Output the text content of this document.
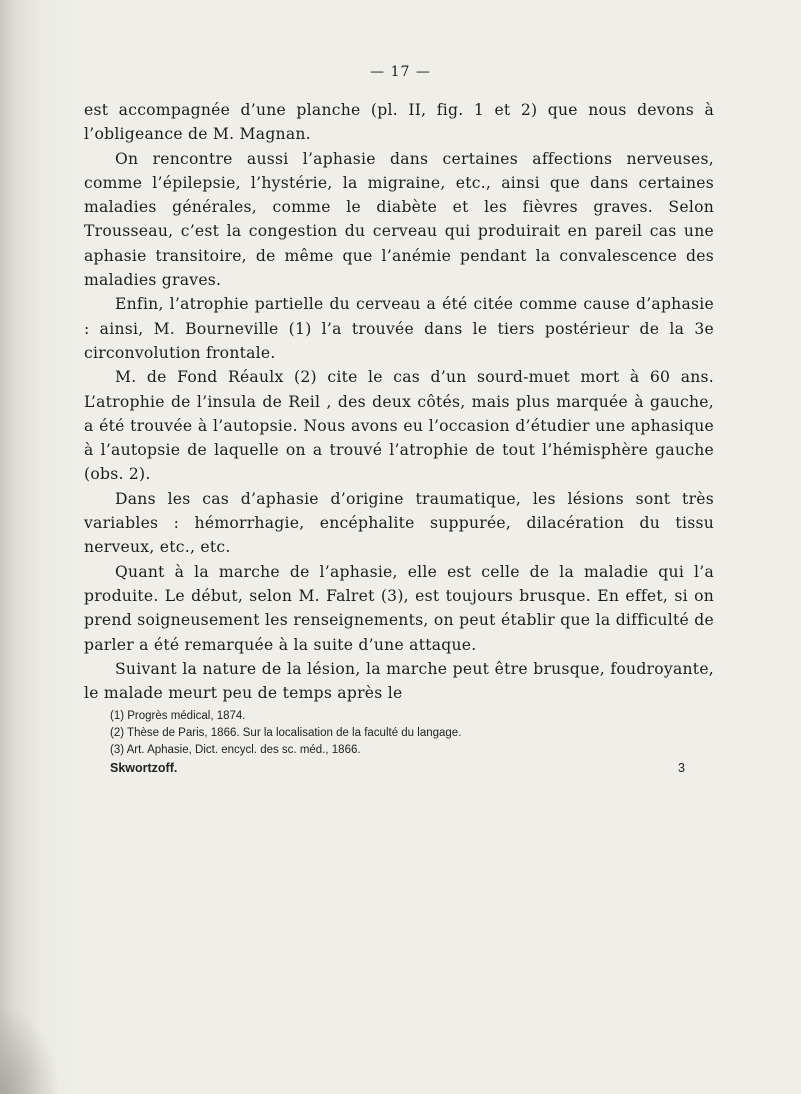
— 17 —

est accompagnée d’une planche (pl. II, fig. 1 et 2) que nous devons à l’obligeance de M. Magnan.

On rencontre aussi l’aphasie dans certaines affections nerveuses, comme l’épilepsie, l’hystérie, la migraine, etc., ainsi que dans certaines maladies générales, comme le diabète et les fièvres graves. Selon Trousseau, c’est la congestion du cerveau qui produirait en pareil cas une aphasie transitoire, de même que l’anémie pendant la convalescence des maladies graves.

Enfin, l’atrophie partielle du cerveau a été citée comme cause d’aphasie : ainsi, M. Bourneville (1) l’a trouvée dans le tiers postérieur de la 3e circonvolution frontale.

M. de Fond Réaulx (2) cite le cas d’un sourd-muet mort à 60 ans. L’atrophie de l’insula de Reil , des deux côtés, mais plus marquée à gauche, a été trouvée à l’autopsie. Nous avons eu l’occasion d’étudier une aphasique à l’autopsie de laquelle on a trouvé l’atrophie de tout l’hémisphère gauche (obs. 2).

Dans les cas d’aphasie d’origine traumatique, les lésions sont très variables : hémorrhagie, encéphalite suppurée, dilacération du tissu nerveux, etc., etc.

Quant à la marche de l’aphasie, elle est celle de la maladie qui l’a produite. Le début, selon M. Falret (3), est toujours brusque. En effet, si on prend soigneusement les renseignements, on peut établir que la difficulté de parler a été remarquée à la suite d’une attaque.

Suivant la nature de la lésion, la marche peut être brusque, foudroyante, le malade meurt peu de temps après le

(1) Progrès médical, 1874.
(2) Thèse de Paris, 1866. Sur la localisation de la faculté du langage.
(3) Art. Aphasie, Dict. encycl. des sc. méd., 1866.
Skwortzoff.	3
